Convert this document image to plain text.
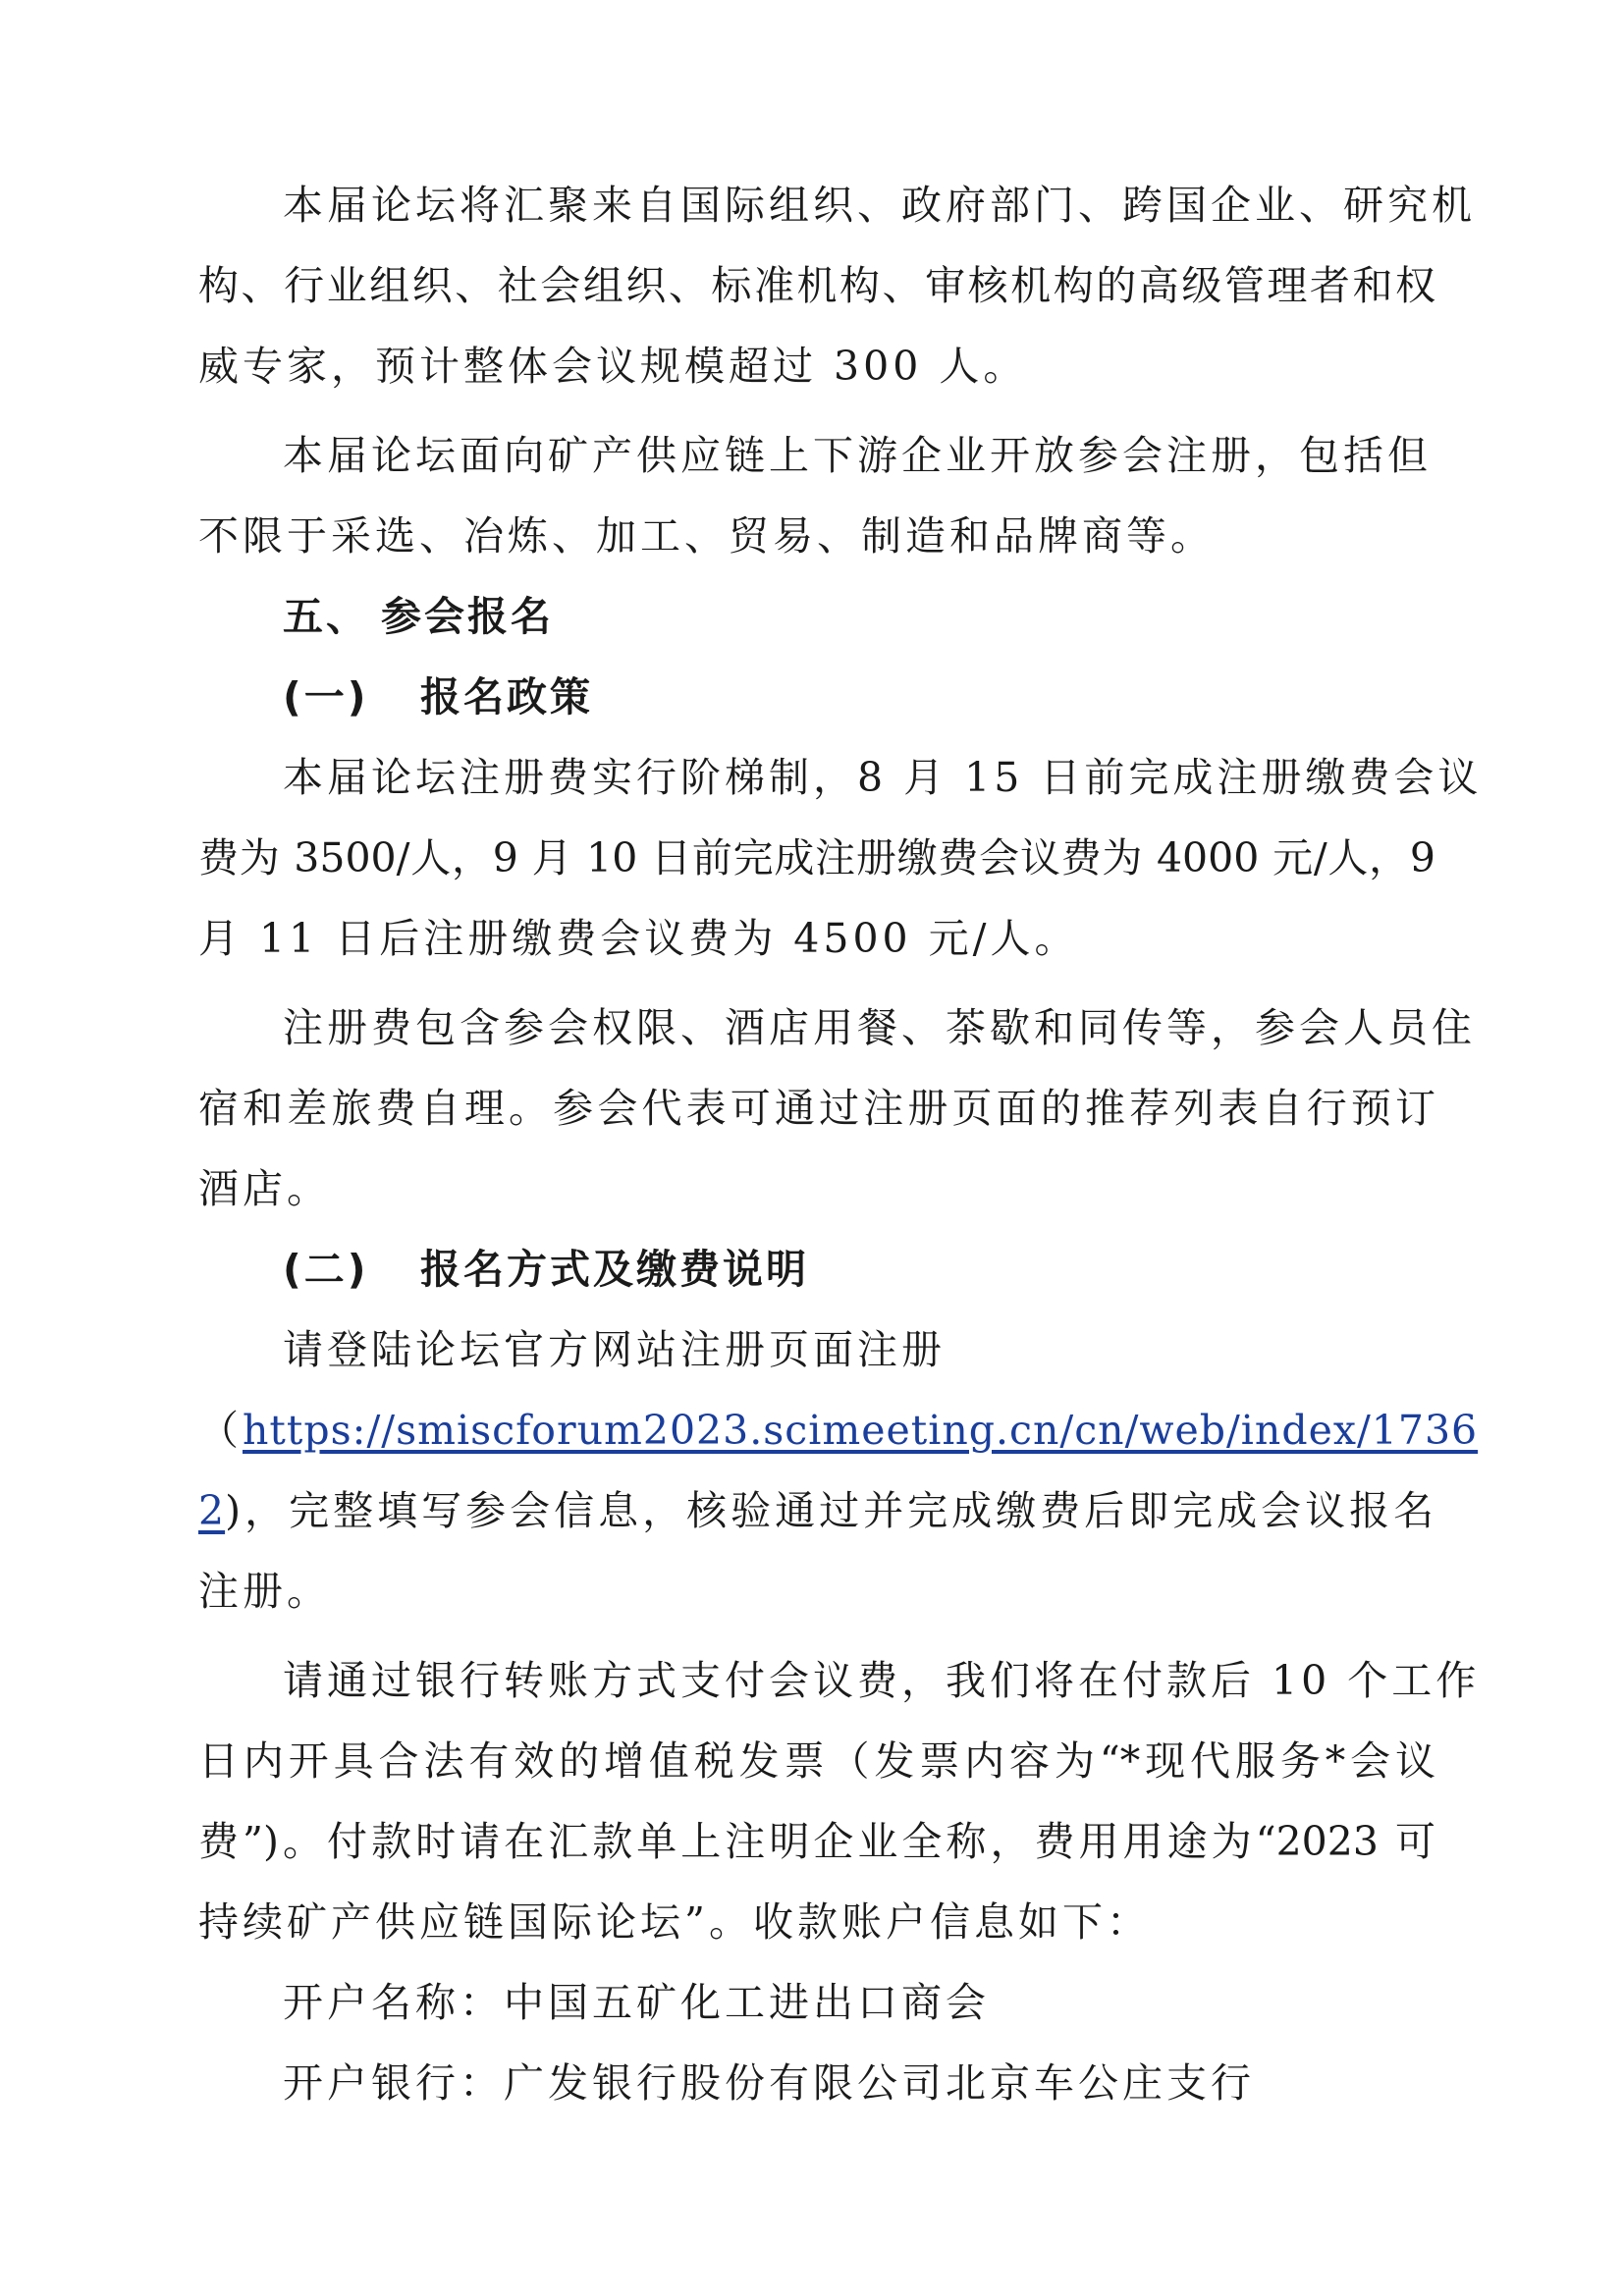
本届论坛将汇聚来自国际组织、政府部门、跨国企业、研究机
构、行业组织、社会组织、标准机构、审核机构的高级管理者和权
威专家，预计整体会议规模超过 300 人。
本届论坛面向矿产供应链上下游企业开放参会注册，包括但
不限于采选、冶炼、加工、贸易、制造和品牌商等。
五、 参会报名
(一) 报名政策
本届论坛注册费实行阶梯制，8 月 15 日前完成注册缴费会议
费为 3500/人，9 月 10 日前完成注册缴费会议费为 4000 元/人，9
月 11 日后注册缴费会议费为 4500 元/人。
注册费包含参会权限、酒店用餐、茶歇和同传等，参会人员住
宿和差旅费自理。参会代表可通过注册页面的推荐列表自行预订
酒店。
(二) 报名方式及缴费说明
请登陆论坛官方网站注册页面注册
（https://smiscforum2023.scimeeting.cn/cn/web/index/1736
2)，完整填写参会信息，核验通过并完成缴费后即完成会议报名
注册。
请通过银行转账方式支付会议费，我们将在付款后 10 个工作
日内开具合法有效的增值税发票（发票内容为“*现代服务*会议
费”)。付款时请在汇款单上注明企业全称，费用用途为“2023 可
持续矿产供应链国际论坛”。收款账户信息如下：
开户名称：中国五矿化工进出口商会
开户银行：广发银行股份有限公司北京车公庄支行
